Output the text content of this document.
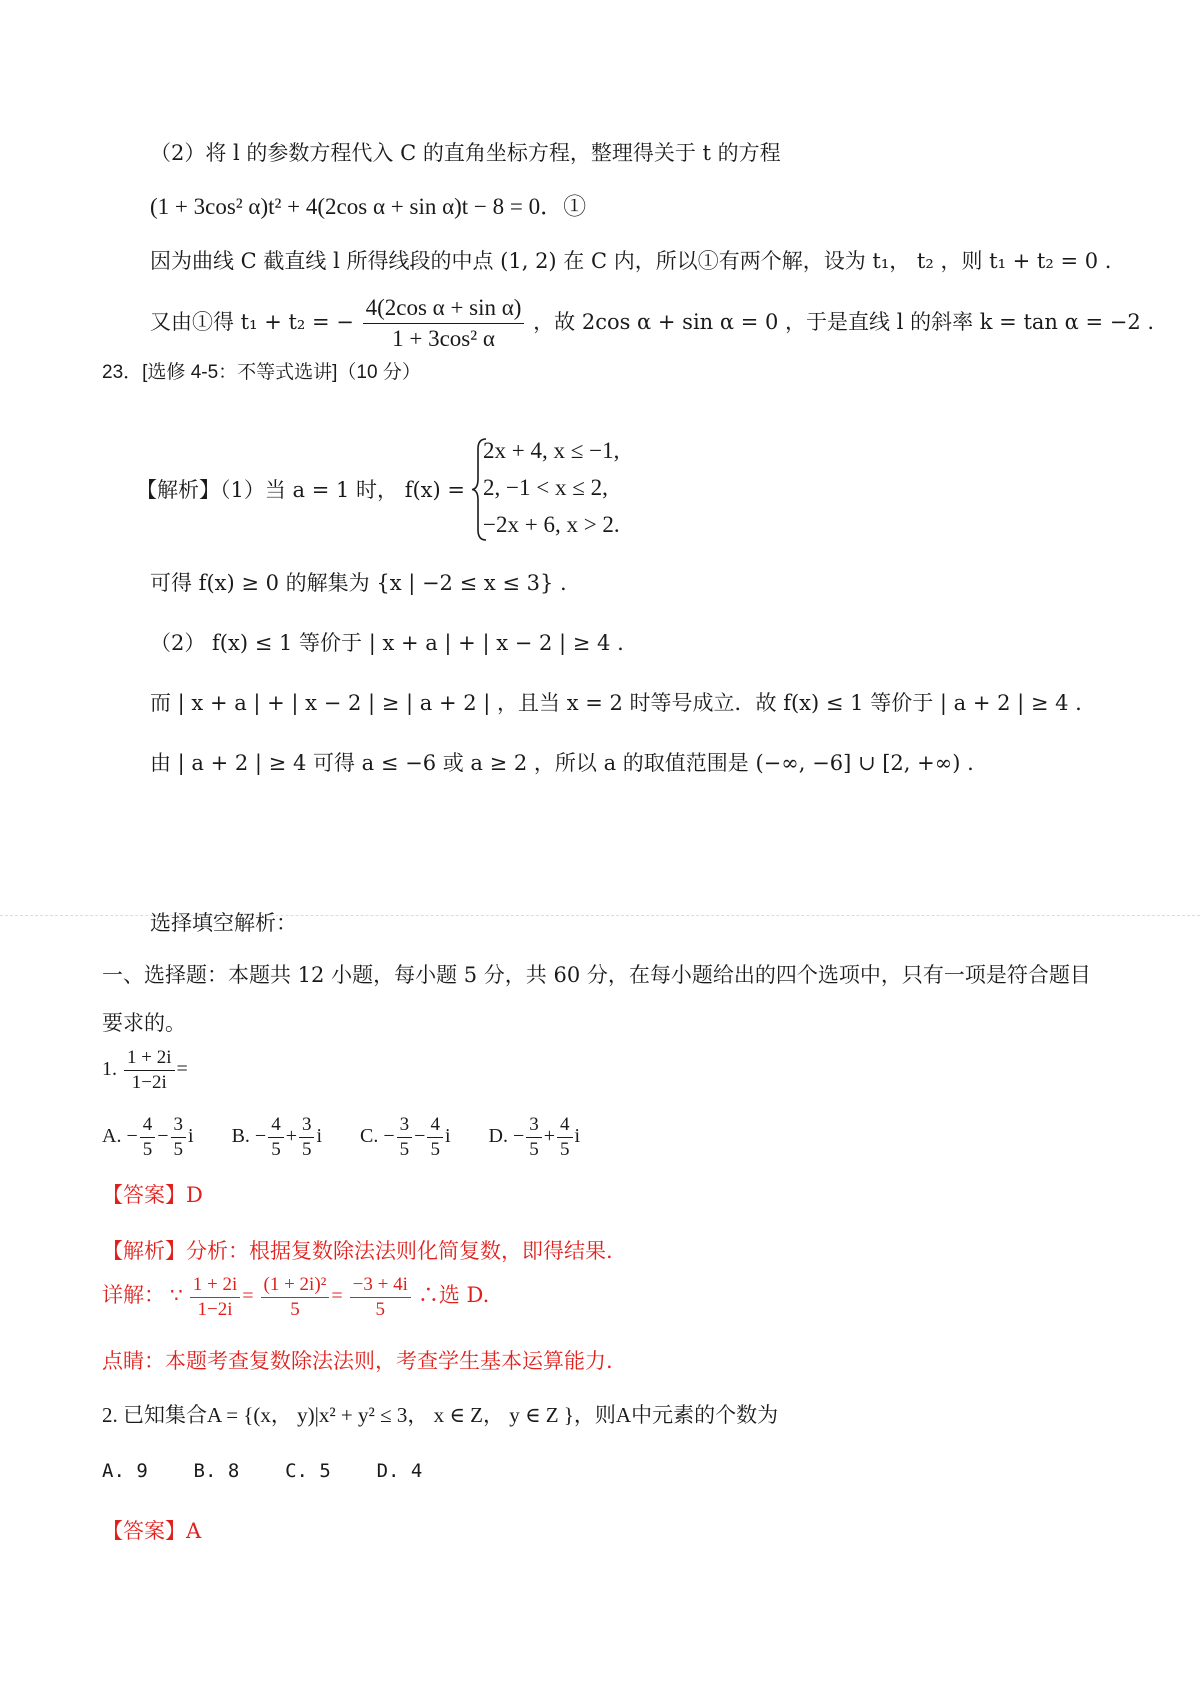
（2）将 l 的参数方程代入 C 的直角坐标方程，整理得关于 t 的方程
(1 + 3cos² α)t² + 4(2cos α + sin α)t − 8 = 0．①
因为曲线 C 截直线 l 所得线段的中点 (1, 2) 在 C 内，所以①有两个解，设为 t₁， t₂ ，则 t₁ + t₂ = 0 .
又由①得 t₁ + t₂ = − $\frac{\text{4(2cos α + sin α)}}{\text{1 + 3cos² α}}$ ，故 2cos α + sin α = 0 ，于是直线 l 的斜率 k = tan α = −2 .
23．[选修 4-5：不等式选讲]（10 分）
【解析】（1）当 a = 1 时， f(x) =
2x + 4, x ≤ −1,
2, −1 < x ≤ 2,
−2x + 6, x > 2.
可得 f(x) ≥ 0 的解集为 {x | −2 ≤ x ≤ 3} .
（2） f(x) ≤ 1 等价于 | x + a | + | x − 2 | ≥ 4 .
而 | x + a | + | x − 2 | ≥ | a + 2 | ，且当 x = 2 时等号成立．故 f(x) ≤ 1 等价于 | a + 2 | ≥ 4 .
由 | a + 2 | ≥ 4 可得 a ≤ −6 或 a ≥ 2 ，所以 a 的取值范围是 (−∞, −6] ∪ [2, +∞) .
选择填空解析：
一、选择题：本题共 12 小题，每小题 5 分，共 60 分，在每小题给出的四个选项中，只有一项是符合题目
要求的。
1. $\frac{1 + 2i}{1-2i}$ =
A. − $\frac{4}{5} - \frac{3}{5}$ i B. − $\frac{4}{5} + \frac{3}{5}$ i C. − $\frac{3}{5} - \frac{4}{5}$ i D. − $\frac{3}{5} + \frac{4}{5}$ i
【答案】D
【解析】分析：根据复数除法法则化简复数，即得结果.
详解： ∵ $\frac{1 + 2i}{1-2i} = \frac{\text{(1 + 2i)²}}{5} = \frac{-3 + 4i}{5}$ ∴选 D.
点睛：本题考查复数除法法则，考查学生基本运算能力.
2. 已知集合A = {(x， y)|x² + y² ≤ 3， x ∈ Z， y ∈ Z }，则A中元素的个数为
A. 9 B. 8 C. 5 D. 4
【答案】A
